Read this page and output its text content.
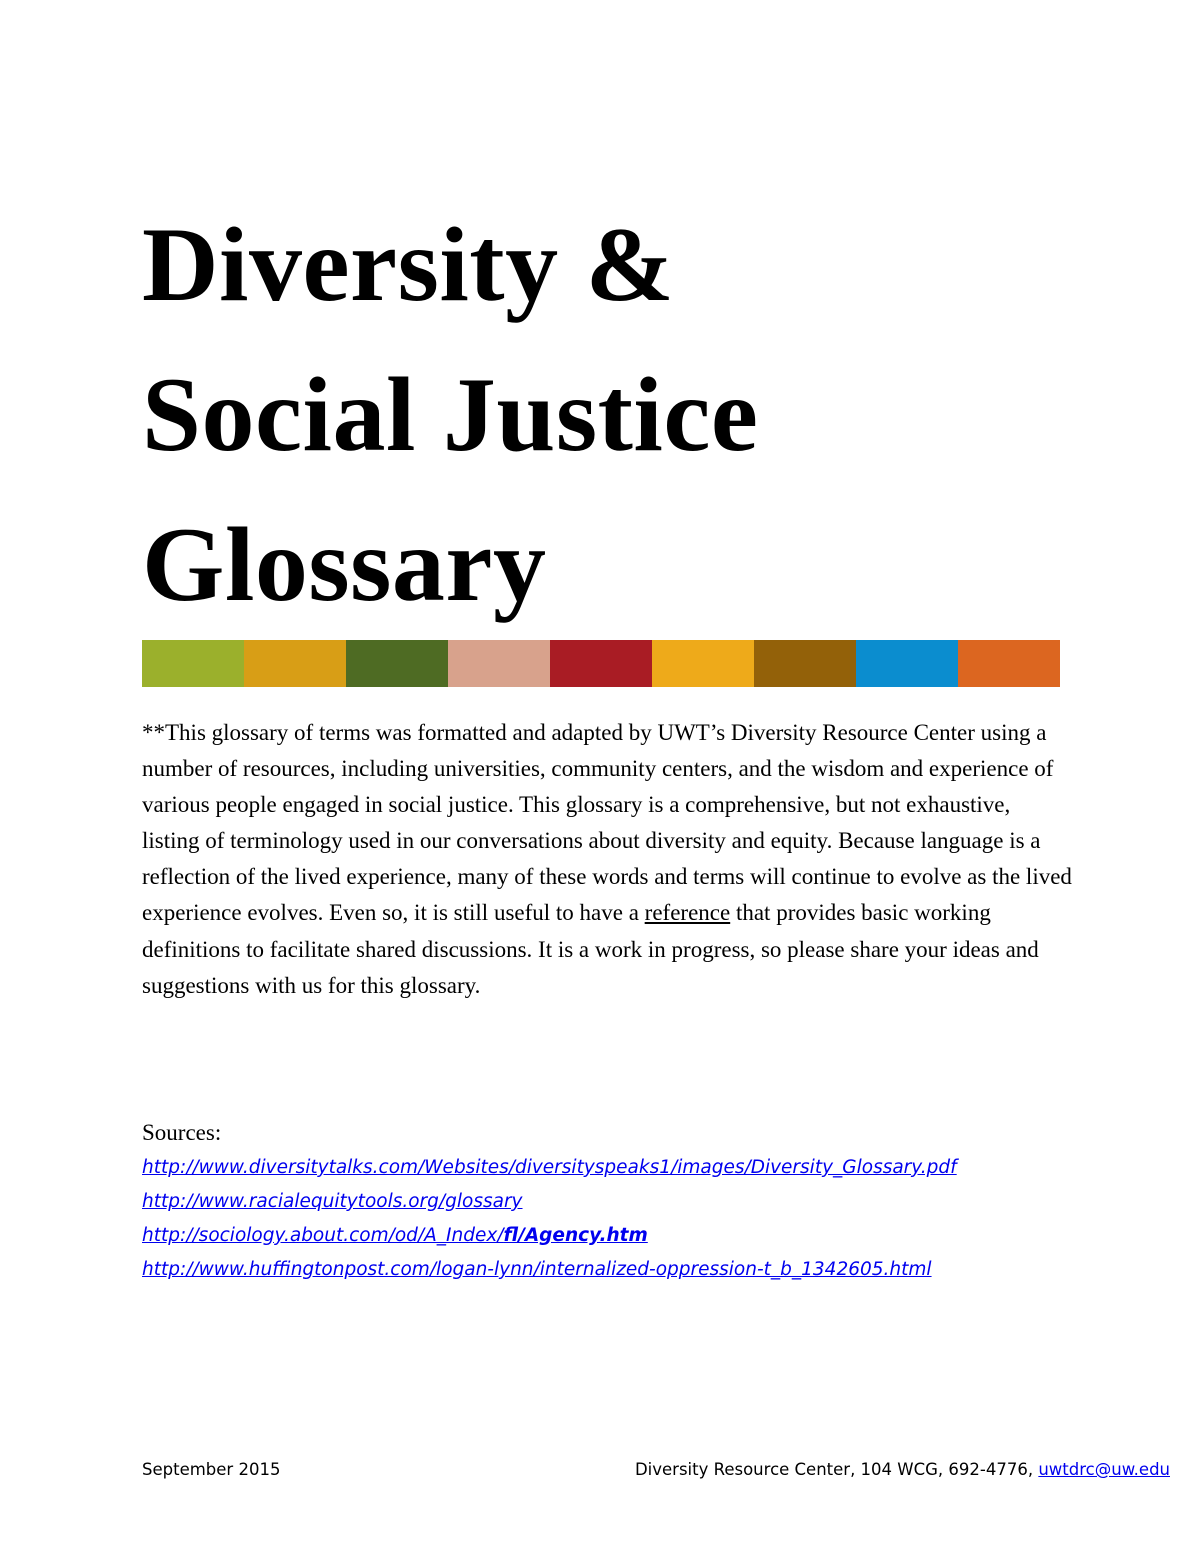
Diversity &
Social Justice
Glossary

**This glossary of terms was formatted and adapted by UWT’s Diversity Resource Center using a number of resources, including universities, community centers, and the wisdom and experience of various people engaged in social justice. This glossary is a comprehensive, but not exhaustive, listing of terminology used in our conversations about diversity and equity. Because language is a reflection of the lived experience, many of these words and terms will continue to evolve as the lived experience evolves. Even so, it is still useful to have a reference that provides basic working definitions to facilitate shared discussions. It is a work in progress, so please share your ideas and suggestions with us for this glossary.

Sources:

http://www.diversitytalks.com/Websites/diversityspeaks1/images/Diversity_Glossary.pdf
http://www.racialequitytools.org/glossary
http://sociology.about.com/od/A_Index/fl/Agency.htm
http://www.huffingtonpost.com/logan-lynn/internalized-oppression-t_b_1342605.html
September 2015	Diversity Resource Center, 104 WCG, 692-4776, uwtdrc@uw.edu
